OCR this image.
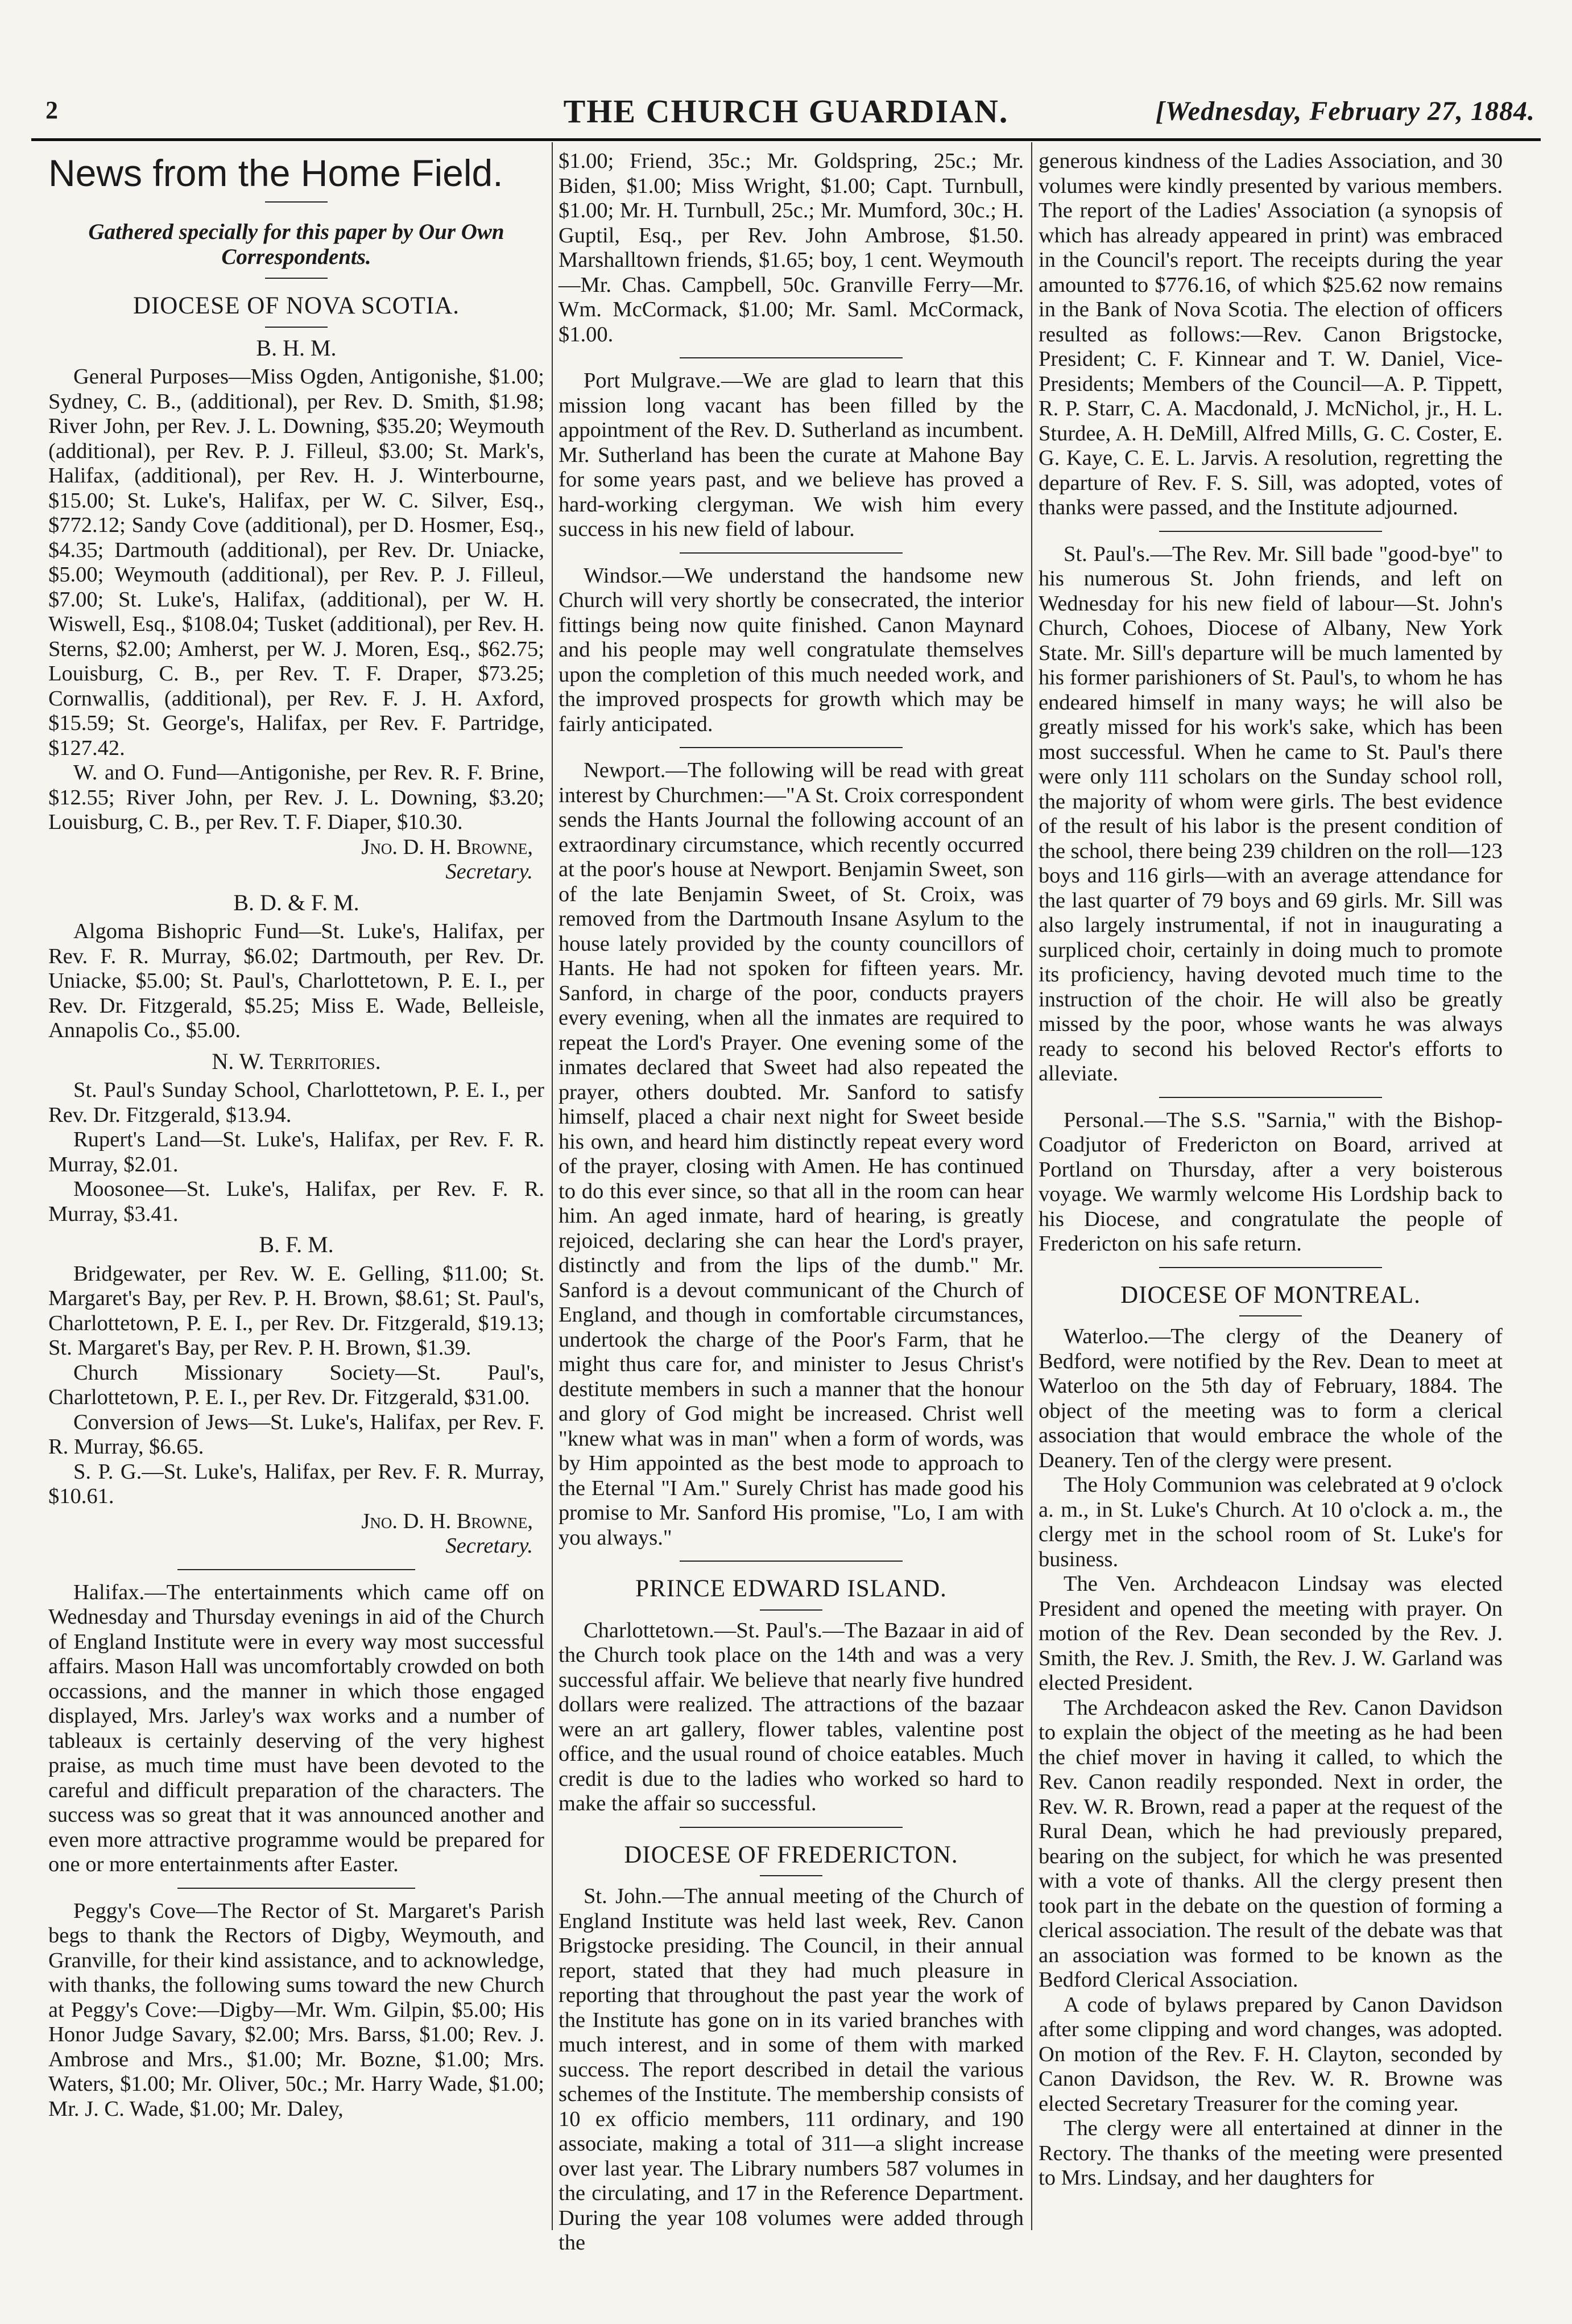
2	THE CHURCH GUARDIAN.	[Wednesday, February 27, 1884.
News from the Home Field.
Gathered specially for this paper by Our Own Correspondents.
DIOCESE OF NOVA SCOTIA.
B. H. M.

General Purposes—Miss Ogden, Antigonishe, $1.00; Sydney, C. B., (additional), per Rev. D. Smith, $1.98; River John, per Rev. J. L. Downing, $35.20; Weymouth (additional), per Rev. P. J. Filleul, $3.00; St. Mark's, Halifax, (additional), per Rev. H. J. Winterbourne, $15.00; St. Luke's, Halifax, per W. C. Silver, Esq., $772.12; Sandy Cove (additional), per D. Hosmer, Esq., $4.35; Dartmouth (additional), per Rev. Dr. Uniacke, $5.00; Weymouth (additional), per Rev. P. J. Filleul, $7.00; St. Luke's, Halifax, (additional), per W. H. Wiswell, Esq., $108.04; Tusket (additional), per Rev. H. Sterns, $2.00; Amherst, per W. J. Moren, Esq., $62.75; Louisburg, C. B., per Rev. T. F. Draper, $73.25; Cornwallis, (additional), per Rev. F. J. H. Axford, $15.59; St. George's, Halifax, per Rev. F. Partridge, $127.42.

W. and O. Fund—Antigonishe, per Rev. R. F. Brine, $12.55; River John, per Rev. J. L. Downing, $3.20; Louisburg, C. B., per Rev. T. F. Diaper, $10.30.

Jno. D. H. Browne,
Secretary.
B. D. & F. M.

Algoma Bishopric Fund—St. Luke's, Halifax, per Rev. F. R. Murray, $6.02; Dartmouth, per Rev. Dr. Uniacke, $5.00; St. Paul's, Charlottetown, P. E. I., per Rev. Dr. Fitzgerald, $5.25; Miss E. Wade, Belleisle, Annapolis Co., $5.00.

N. W. Territories.

St. Paul's Sunday School, Charlottetown, P. E. I., per Rev. Dr. Fitzgerald, $13.94.

Rupert's Land—St. Luke's, Halifax, per Rev. F. R. Murray, $2.01.

Moosonee—St. Luke's, Halifax, per Rev. F. R. Murray, $3.41.

B. F. M.

Bridgewater, per Rev. W. E. Gelling, $11.00; St. Margaret's Bay, per Rev. P. H. Brown, $8.61; St. Paul's, Charlottetown, P. E. I., per Rev. Dr. Fitzgerald, $19.13; St. Margaret's Bay, per Rev. P. H. Brown, $1.39.

Church Missionary Society—St. Paul's, Charlottetown, P. E. I., per Rev. Dr. Fitzgerald, $31.00.

Conversion of Jews—St. Luke's, Halifax, per Rev. F. R. Murray, $6.65.

S. P. G.—St. Luke's, Halifax, per Rev. F. R. Murray, $10.61.

Jno. D. H. Browne,
Secretary.

Halifax.—The entertainments which came off on Wednesday and Thursday evenings in aid of the Church of England Institute were in every way most successful affairs. Mason Hall was uncomfortably crowded on both occassions, and the manner in which those engaged displayed, Mrs. Jarley's wax works and a number of tableaux is certainly deserving of the very highest praise, as much time must have been devoted to the careful and difficult preparation of the characters. The success was so great that it was announced another and even more attractive programme would be prepared for one or more entertainments after Easter.

Peggy's Cove—The Rector of St. Margaret's Parish begs to thank the Rectors of Digby, Weymouth, and Granville, for their kind assistance, and to acknowledge, with thanks, the following sums toward the new Church at Peggy's Cove:—Digby—Mr. Wm. Gilpin, $5.00; His Honor Judge Savary, $2.00; Mrs. Barss, $1.00; Rev. J. Ambrose and Mrs., $1.00; Mr. Bozne, $1.00; Mrs. Waters, $1.00; Mr. Oliver, 50c.; Mr. Harry Wade, $1.00; Mr. J. C. Wade, $1.00; Mr. Daley,

$1.00; Friend, 35c.; Mr. Goldspring, 25c.; Mr. Biden, $1.00; Miss Wright, $1.00; Capt. Turnbull, $1.00; Mr. H. Turnbull, 25c.; Mr. Mumford, 30c.; H. Guptil, Esq., per Rev. John Ambrose, $1.50. Marshalltown friends, $1.65; boy, 1 cent. Weymouth—Mr. Chas. Campbell, 50c. Granville Ferry—Mr. Wm. McCormack, $1.00; Mr. Saml. McCormack, $1.00.

Port Mulgrave.—We are glad to learn that this mission long vacant has been filled by the appointment of the Rev. D. Sutherland as incumbent. Mr. Sutherland has been the curate at Mahone Bay for some years past, and we believe has proved a hard-working clergyman. We wish him every success in his new field of labour.

Windsor.—We understand the handsome new Church will very shortly be consecrated, the interior fittings being now quite finished. Canon Maynard and his people may well congratulate themselves upon the completion of this much needed work, and the improved prospects for growth which may be fairly anticipated.

Newport.—The following will be read with great interest by Churchmen:—"A St. Croix correspondent sends the Hants Journal the following account of an extraordinary circumstance, which recently occurred at the poor's house at Newport. Benjamin Sweet, son of the late Benjamin Sweet, of St. Croix, was removed from the Dartmouth Insane Asylum to the house lately provided by the county councillors of Hants. He had not spoken for fifteen years. Mr. Sanford, in charge of the poor, conducts prayers every evening, when all the inmates are required to repeat the Lord's Prayer. One evening some of the inmates declared that Sweet had also repeated the prayer, others doubted. Mr. Sanford to satisfy himself, placed a chair next night for Sweet beside his own, and heard him distinctly repeat every word of the prayer, closing with Amen. He has continued to do this ever since, so that all in the room can hear him. An aged inmate, hard of hearing, is greatly rejoiced, declaring she can hear the Lord's prayer, distinctly and from the lips of the dumb." Mr. Sanford is a devout communicant of the Church of England, and though in comfortable circumstances, undertook the charge of the Poor's Farm, that he might thus care for, and minister to Jesus Christ's destitute members in such a manner that the honour and glory of God might be increased. Christ well "knew what was in man" when a form of words, was by Him appointed as the best mode to approach to the Eternal "I Am." Surely Christ has made good his promise to Mr. Sanford His promise, "Lo, I am with you always."

PRINCE EDWARD ISLAND.

Charlottetown.—St. Paul's.—The Bazaar in aid of the Church took place on the 14th and was a very successful affair. We believe that nearly five hundred dollars were realized. The attractions of the bazaar were an art gallery, flower tables, valentine post office, and the usual round of choice eatables. Much credit is due to the ladies who worked so hard to make the affair so successful.

DIOCESE OF FREDERICTON.

St. John.—The annual meeting of the Church of England Institute was held last week, Rev. Canon Brigstocke presiding. The Council, in their annual report, stated that they had much pleasure in reporting that throughout the past year the work of the Institute has gone on in its varied branches with much interest, and in some of them with marked success. The report described in detail the various schemes of the Institute. The membership consists of 10 ex officio members, 111 ordinary, and 190 associate, making a total of 311—a slight increase over last year. The Library numbers 587 volumes in the circulating, and 17 in the Reference Department. During the year 108 volumes were added through the

generous kindness of the Ladies Association, and 30 volumes were kindly presented by various members. The report of the Ladies' Association (a synopsis of which has already appeared in print) was embraced in the Council's report. The receipts during the year amounted to $776.16, of which $25.62 now remains in the Bank of Nova Scotia. The election of officers resulted as follows:—Rev. Canon Brigstocke, President; C. F. Kinnear and T. W. Daniel, Vice-Presidents; Members of the Council—A. P. Tippett, R. P. Starr, C. A. Macdonald, J. McNichol, jr., H. L. Sturdee, A. H. DeMill, Alfred Mills, G. C. Coster, E. G. Kaye, C. E. L. Jarvis. A resolution, regretting the departure of Rev. F. S. Sill, was adopted, votes of thanks were passed, and the Institute adjourned.

St. Paul's.—The Rev. Mr. Sill bade "good-bye" to his numerous St. John friends, and left on Wednesday for his new field of labour—St. John's Church, Cohoes, Diocese of Albany, New York State. Mr. Sill's departure will be much lamented by his former parishioners of St. Paul's, to whom he has endeared himself in many ways; he will also be greatly missed for his work's sake, which has been most successful. When he came to St. Paul's there were only 111 scholars on the Sunday school roll, the majority of whom were girls. The best evidence of the result of his labor is the present condition of the school, there being 239 children on the roll—123 boys and 116 girls—with an average attendance for the last quarter of 79 boys and 69 girls. Mr. Sill was also largely instrumental, if not in inaugurating a surpliced choir, certainly in doing much to promote its proficiency, having devoted much time to the instruction of the choir. He will also be greatly missed by the poor, whose wants he was always ready to second his beloved Rector's efforts to alleviate.

Personal.—The S.S. "Sarnia," with the Bishop-Coadjutor of Fredericton on Board, arrived at Portland on Thursday, after a very boisterous voyage. We warmly welcome His Lordship back to his Diocese, and congratulate the people of Fredericton on his safe return.

DIOCESE OF MONTREAL.

Waterloo.—The clergy of the Deanery of Bedford, were notified by the Rev. Dean to meet at Waterloo on the 5th day of February, 1884. The object of the meeting was to form a clerical association that would embrace the whole of the Deanery. Ten of the clergy were present.

The Holy Communion was celebrated at 9 o'clock a. m., in St. Luke's Church. At 10 o'clock a. m., the clergy met in the school room of St. Luke's for business.

The Ven. Archdeacon Lindsay was elected President and opened the meeting with prayer. On motion of the Rev. Dean seconded by the Rev. J. Smith, the Rev. J. Smith, the Rev. J. W. Garland was elected President.

The Archdeacon asked the Rev. Canon Davidson to explain the object of the meeting as he had been the chief mover in having it called, to which the Rev. Canon readily responded. Next in order, the Rev. W. R. Brown, read a paper at the request of the Rural Dean, which he had previously prepared, bearing on the subject, for which he was presented with a vote of thanks. All the clergy present then took part in the debate on the question of forming a clerical association. The result of the debate was that an association was formed to be known as the Bedford Clerical Association.

A code of bylaws prepared by Canon Davidson after some clipping and word changes, was adopted. On motion of the Rev. F. H. Clayton, seconded by Canon Davidson, the Rev. W. R. Browne was elected Secretary Treasurer for the coming year.

The clergy were all entertained at dinner in the Rectory. The thanks of the meeting were presented to Mrs. Lindsay, and her daughters for
